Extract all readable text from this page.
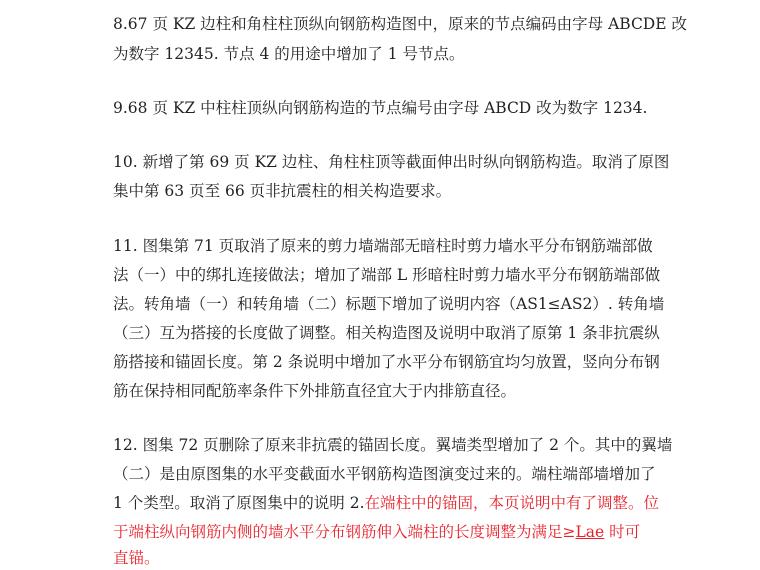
8.67 页 KZ 边柱和角柱柱顶纵向钢筋构造图中，原来的节点编码由字母 ABCDE 改
为数字 12345. 节点 4 的用途中增加了 1 号节点。
9.68 页 KZ 中柱柱顶纵向钢筋构造的节点编号由字母 ABCD 改为数字 1234.
10. 新增了第 69 页 KZ 边柱、角柱柱顶等截面伸出时纵向钢筋构造。取消了原图
集中第 63 页至 66 页非抗震柱的相关构造要求。
11. 图集第 71 页取消了原来的剪力墙端部无暗柱时剪力墙水平分布钢筋端部做
法（一）中的绑扎连接做法；增加了端部 L 形暗柱时剪力墙水平分布钢筋端部做
法。转角墙（一）和转角墙（二）标题下增加了说明内容（AS1≤AS2）. 转角墙
（三）互为搭接的长度做了调整。相关构造图及说明中取消了原第 1 条非抗震纵
筋搭接和锚固长度。第 2 条说明中增加了水平分布钢筋宜均匀放置，竖向分布钢
筋在保持相同配筋率条件下外排筋直径宜大于内排筋直径。
12. 图集 72 页删除了原来非抗震的锚固长度。翼墙类型增加了 2 个。其中的翼墙
（二）是由原图集的水平变截面水平钢筋构造图演变过来的。端柱端部墙增加了
1 个类型。取消了原图集中的说明 2.在端柱中的锚固，本页说明中有了调整。位
于端柱纵向钢筋内侧的墙水平分布钢筋伸入端柱的长度调整为满足≥Lae 时可
直锚。
